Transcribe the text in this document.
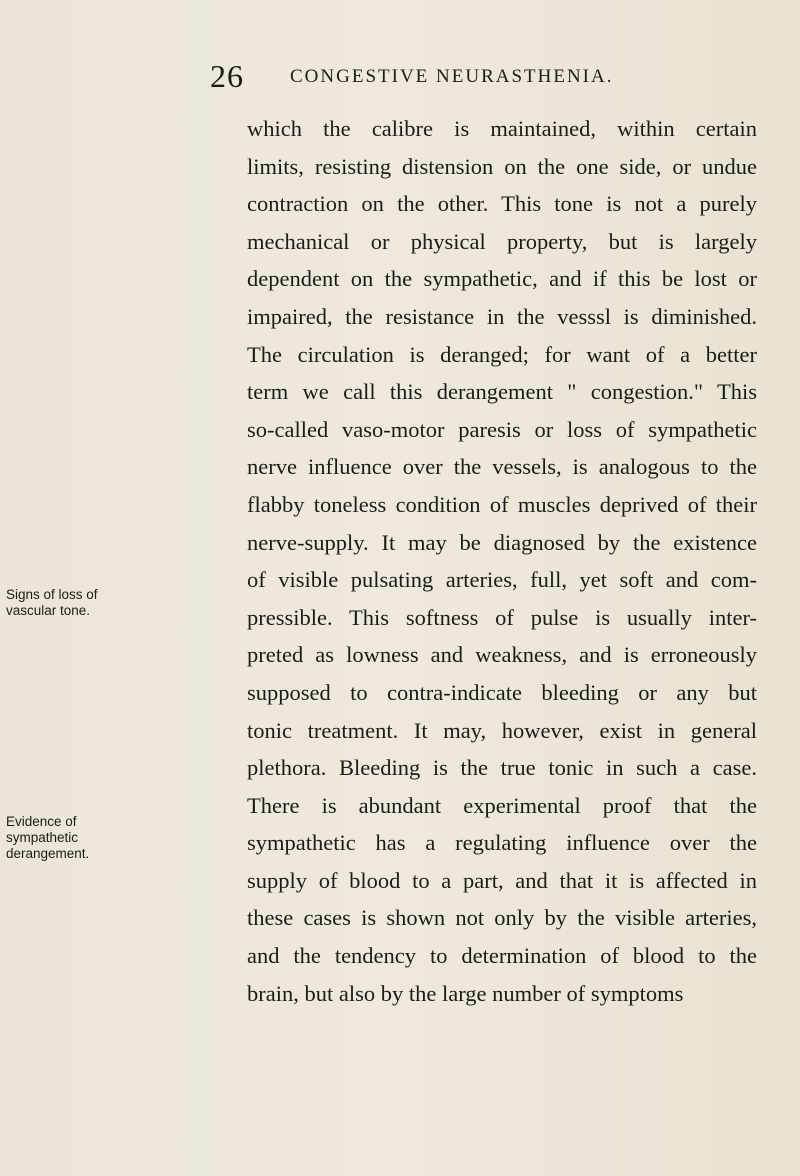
26 CONGESTIVE NEURASTHENIA.
which the calibre is maintained, within certain
limits, resisting distension on the one side, or undue
contraction on the other. This tone is not a purely
mechanical or physical property, but is largely
dependent on the sympathetic, and if this be lost or
impaired, the resistance in the vesssl is diminished.
The circulation is deranged; for want of a better
term we call this derangement " congestion." This
so-called vaso-motor paresis or loss of sympathetic
nerve influence over the vessels, is analogous to the
flabby toneless condition of muscles deprived of their
nerve-supply. It may be diagnosed by the existence
of visible pulsating arteries, full, yet soft and com-
pressible. This softness of pulse is usually inter-
preted as lowness and weakness, and is erroneously
supposed to contra-indicate bleeding or any but
tonic treatment. It may, however, exist in general
plethora. Bleeding is the true tonic in such a case.
There is abundant experimental proof that the
sympathetic has a regulating influence over the
supply of blood to a part, and that it is affected in
these cases is shown not only by the visible arteries,
and the tendency to determination of blood to the
brain, but also by the large number of symptoms
Signs of loss of
vascular tone.
Evidence of
sympathetic
derangement.
